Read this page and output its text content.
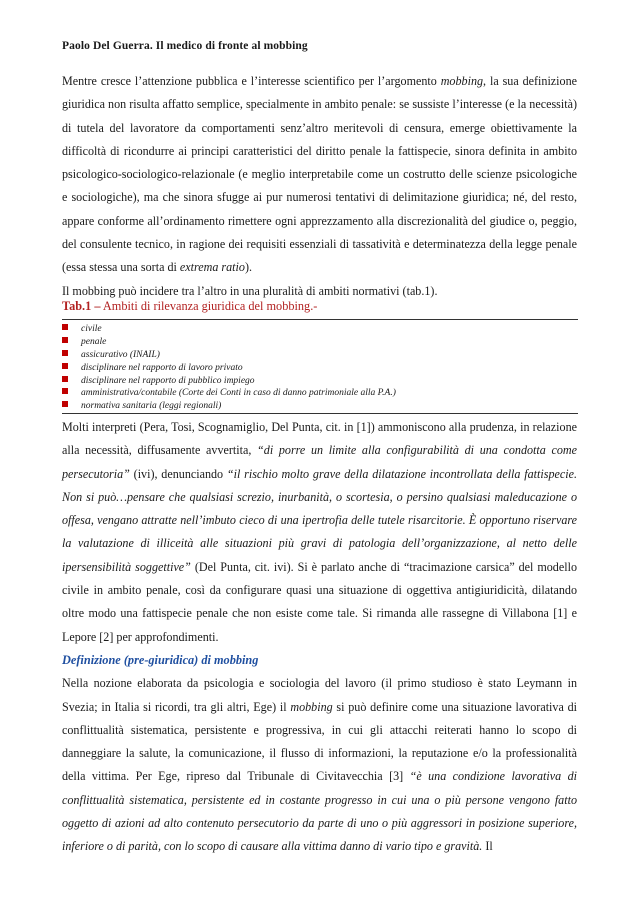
Paolo Del Guerra. Il medico di fronte al mobbing

Mentre cresce l’attenzione pubblica e l’interesse scientifico per l’argomento mobbing, la sua definizione giuridica non risulta affatto semplice, specialmente in ambito penale: se sussiste l’interesse (e la necessità) di tutela del lavoratore da comportamenti senz’altro meritevoli di censura, emerge obiettivamente la difficoltà di ricondurre ai principi caratteristici del diritto penale la fattispecie, sinora definita in ambito psicologico-sociologico-relazionale (e meglio interpretabile come un costrutto delle scienze psicologiche e sociologiche), ma che sinora sfugge ai pur numerosi tentativi di delimitazione giuridica; né, del resto, appare conforme all’ordinamento rimettere ogni apprezzamento alla discrezionalità del giudice o, peggio, del consulente tecnico, in ragione dei requisiti essenziali di tassatività e determinatezza della legge penale (essa stessa una sorta di extrema ratio).

Il mobbing può incidere tra l’altro in una pluralità di ambiti normativi (tab.1).

Tab.1 – Ambiti di rilevanza giuridica del mobbing.-
civile
penale
assicurativo (INAIL)
disciplinare nel rapporto di lavoro privato
disciplinare nel rapporto di pubblico impiego
amministrativa/contabile (Corte dei Conti in caso di danno patrimoniale alla P.A.)
normativa sanitaria (leggi regionali)

Molti interpreti (Pera, Tosi, Scognamiglio, Del Punta, cit. in [1]) ammoniscono alla prudenza, in relazione alla necessità, diffusamente avvertita, “di porre un limite alla configurabilità di una condotta come persecutoria” (ivi), denunciando “il rischio molto grave della dilatazione incontrollata della fattispecie. Non si può…pensare che qualsiasi screzio, inurbanità, o scortesia, o persino qualsiasi maleducazione o offesa, vengano attratte nell’imbuto cieco di una ipertrofia delle tutele risarcitorie. È opportuno riservare la valutazione di illiceità alle situazioni più gravi di patologia dell’organizzazione, al netto delle ipersensibilità soggettive” (Del Punta, cit. ivi). Si è parlato anche di “tracimazione carsica” del modello civile in ambito penale, così da configurare quasi una situazione di oggettiva antigiuridicità, dilatando oltre modo una fattispecie penale che non esiste come tale. Si rimanda alle rassegne di Villabona [1] e Lepore [2] per approfondimenti.

Definizione (pre-giuridica) di mobbing

Nella nozione elaborata da psicologia e sociologia del lavoro (il primo studioso è stato Leymann in Svezia; in Italia si ricordi, tra gli altri, Ege) il mobbing si può definire come una situazione lavorativa di conflittualità sistematica, persistente e progressiva, in cui gli attacchi reiterati hanno lo scopo di danneggiare la salute, la comunicazione, il flusso di informazioni, la reputazione e/o la professionalità della vittima. Per Ege, ripreso dal Tribunale di Civitavecchia [3] “è una condizione lavorativa di conflittualità sistematica, persistente ed in costante progresso in cui una o più persone vengono fatto oggetto di azioni ad alto contenuto persecutorio da parte di uno o più aggressori in posizione superiore, inferiore o di parità, con lo scopo di causare alla vittima danno di vario tipo e gravità. Il
